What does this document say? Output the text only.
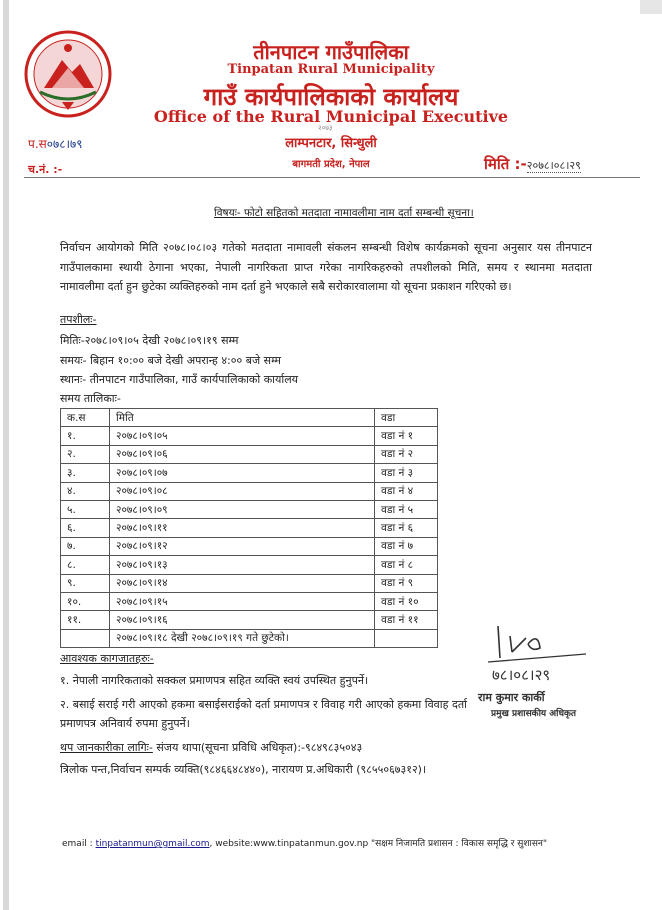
तीनपाटन गाउँपालिका
Tinpatan Rural Municipality
गाउँ कार्यपालिकाको कार्यालय
Office of the Rural Municipal Executive
२०७३
लाम्पनटार, सिन्धुली
बागमती प्रदेश, नेपाल
प.स०७८।७९
च.नं. :-	मिति :-२०७८।०८।२९
विषयः- फोटो सहितको मतदाता नामावलीमा नाम दर्ता सम्बन्धी सूचना।
निर्वाचन आयोगको मिति २०७८।०८।०३ गतेको मतदाता नामावली संकलन सम्बन्धी विशेष कार्यक्रमको सूचना अनुसार यस तीनपाटन गाउँपालकामा स्थायी ठेगाना भएका, नेपाली नागरिकता प्राप्त गरेका नागरिकहरुको तपशीलको मिति, समय र स्थानमा मतदाता नामावलीमा दर्ता हुन छुटेका व्यक्तिहरुको नाम दर्ता हुने भएकाले सबै सरोकारवालामा यो सूचना प्रकाशन गरिएको छ।
तपशीलः-
मितिः-२०७८।०९।०५ देखी २०७८।०९।१९ सम्म
समयः- बिहान १०:०० बजे देखी अपरान्ह ४:०० बजे सम्म
स्थानः- तीनपाटन गाउँपालिका, गाउँ कार्यपालिकाको कार्यालय
समय तालिकाः-
क.स	मिति	वडा
१.	२०७८।०९।०५	वडा नं १
२.	२०७८।०९।०६	वडा नं २
३.	२०७८।०९।०७	वडा नं ३
४.	२०७८।०९।०८	वडा नं ४
५.	२०७८।०९।०९	वडा नं ५
६.	२०७८।०९।११	वडा नं ६
७.	२०७८।०९।१२	वडा नं ७
८.	२०७८।०९।१३	वडा नं ८
९.	२०७८।०९।१४	वडा नं ९
१०.	२०७८।०९।१५	वडा नं १०
११.	२०७८।०९।१६	वडा नं ११
	२०७८।०९।१८ देखी २०७८।०९।१९ गते छुटेको।	
७८।०८।२९
राम कुमार कार्की
प्रमुख प्रशासकीय अधिकृत
आवश्यक कागजातहरुः-
१. नेपाली नागरिकताको सक्कल प्रमाणपत्र सहित व्यक्ति स्वयं उपस्थित हुनुपर्ने।
२. बसाई सराई गरी आएको हकमा बसाईसराईको दर्ता प्रमाणपत्र र विवाह गरी आएको हकमा विवाह दर्ता
प्रमाणपत्र अनिवार्य रुपमा हुनुपर्ने।
थप जानकारीका लागिः- संजय थापा(सूचना प्रविधि अधिकृत):-९८४९८३५०४३
त्रिलोक पन्त,निर्वाचन सम्पर्क व्यक्ति(९८४६६४८४४०), नारायण प्र.अधिकारी (९८५५०६७३१२)।
email : tinpatanmun@gmail.com, website:www.tinpatanmun.gov.np "सक्षम निजामति प्रशासन : विकास समृद्धि र सुशासन"
